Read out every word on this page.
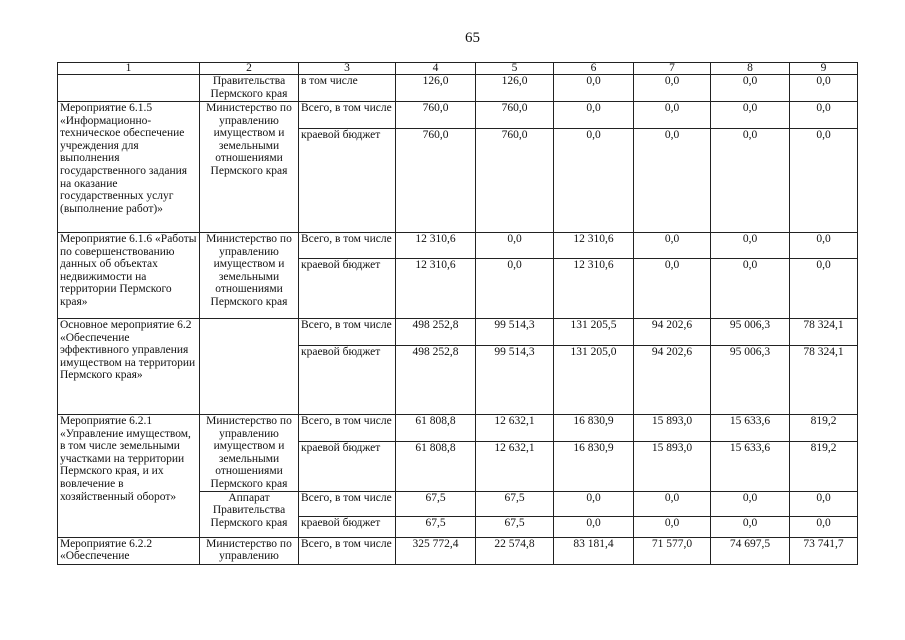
65
1	2	3	4	5	6	7	8	9
	Правительства Пермского края	в том числе	126,0	126,0	0,0	0,0	0,0	0,0
Мероприятие 6.1.5 «Информационно-техническое обеспечение учреждения для выполнения государственного задания на оказание государственных услуг (выполнение работ)»	Министерство по управлению имуществом и земельными отношениями Пермского края	Всего, в том числе	760,0	760,0	0,0	0,0	0,0	0,0
		краевой бюджет	760,0	760,0	0,0	0,0	0,0	0,0
Мероприятие 6.1.6 «Работы по совершенствованию данных об объектах недвижимости на территории Пермского края»	Министерство по управлению имуществом и земельными отношениями Пермского края	Всего, в том числе	12 310,6	0,0	12 310,6	0,0	0,0	0,0
		краевой бюджет	12 310,6	0,0	12 310,6	0,0	0,0	0,0
Основное мероприятие 6.2 «Обеспечение эффективного управления имуществом на территории Пермского края»		Всего, в том числе	498 252,8	99 514,3	131 205,5	94 202,6	95 006,3	78 324,1
		краевой бюджет	498 252,8	99 514,3	131 205,0	94 202,6	95 006,3	78 324,1
Мероприятие 6.2.1 «Управление имуществом, в том числе земельными участками на территории Пермского края, и их вовлечение в хозяйственный оборот»	Министерство по управлению имуществом и земельными отношениями Пермского края	Всего, в том числе	61 808,8	12 632,1	16 830,9	15 893,0	15 633,6	819,2
		краевой бюджет	61 808,8	12 632,1	16 830,9	15 893,0	15 633,6	819,2
	Аппарат Правительства Пермского края	Всего, в том числе	67,5	67,5	0,0	0,0	0,0	0,0
		краевой бюджет	67,5	67,5	0,0	0,0	0,0	0,0
Мероприятие 6.2.2 «Обеспечение	Министерство по управлению	Всего, в том числе	325 772,4	22 574,8	83 181,4	71 577,0	74 697,5	73 741,7
